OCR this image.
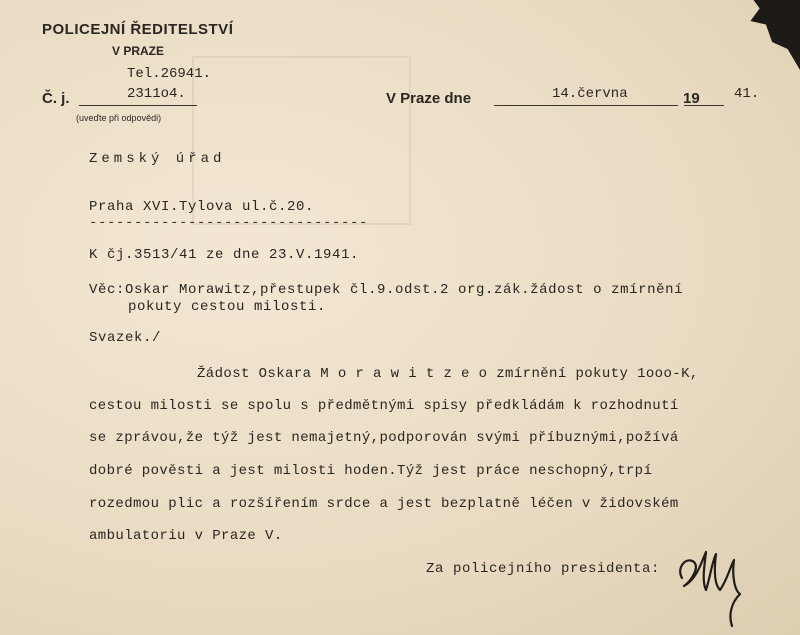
POLICEJNÍ ŘEDITELSTVÍ
V PRAZE
Tel.26941.
Č. j.	2311o4.
(uveďte při odpovědi)
V Praze dne	14.června	19 41.
Zemský úřad
Praha XVI.Tylova ul.č.20.
-------------------------------
K čj.3513/41 ze dne 23.V.1941.
Věc:Oskar Morawitz,přestupek čl.9.odst.2 org.zák.žádost o zmírnění
pokuty cestou milosti.
Svazek./
Žádost Oskara M o r a w i t z e o zmírnění pokuty 1ooo-K,
cestou milosti se spolu s předmětnými spisy předkládám k rozhodnutí
se zprávou,že týž jest nemajetný,podporován svými příbuznými,požívá
dobré pověsti a jest milosti hoden.Týž jest práce neschopný,trpí
rozedmou plic a rozšířením srdce a jest bezplatně léčen v židovském
ambulatoriu v Praze V.
Za policejního presidenta:
